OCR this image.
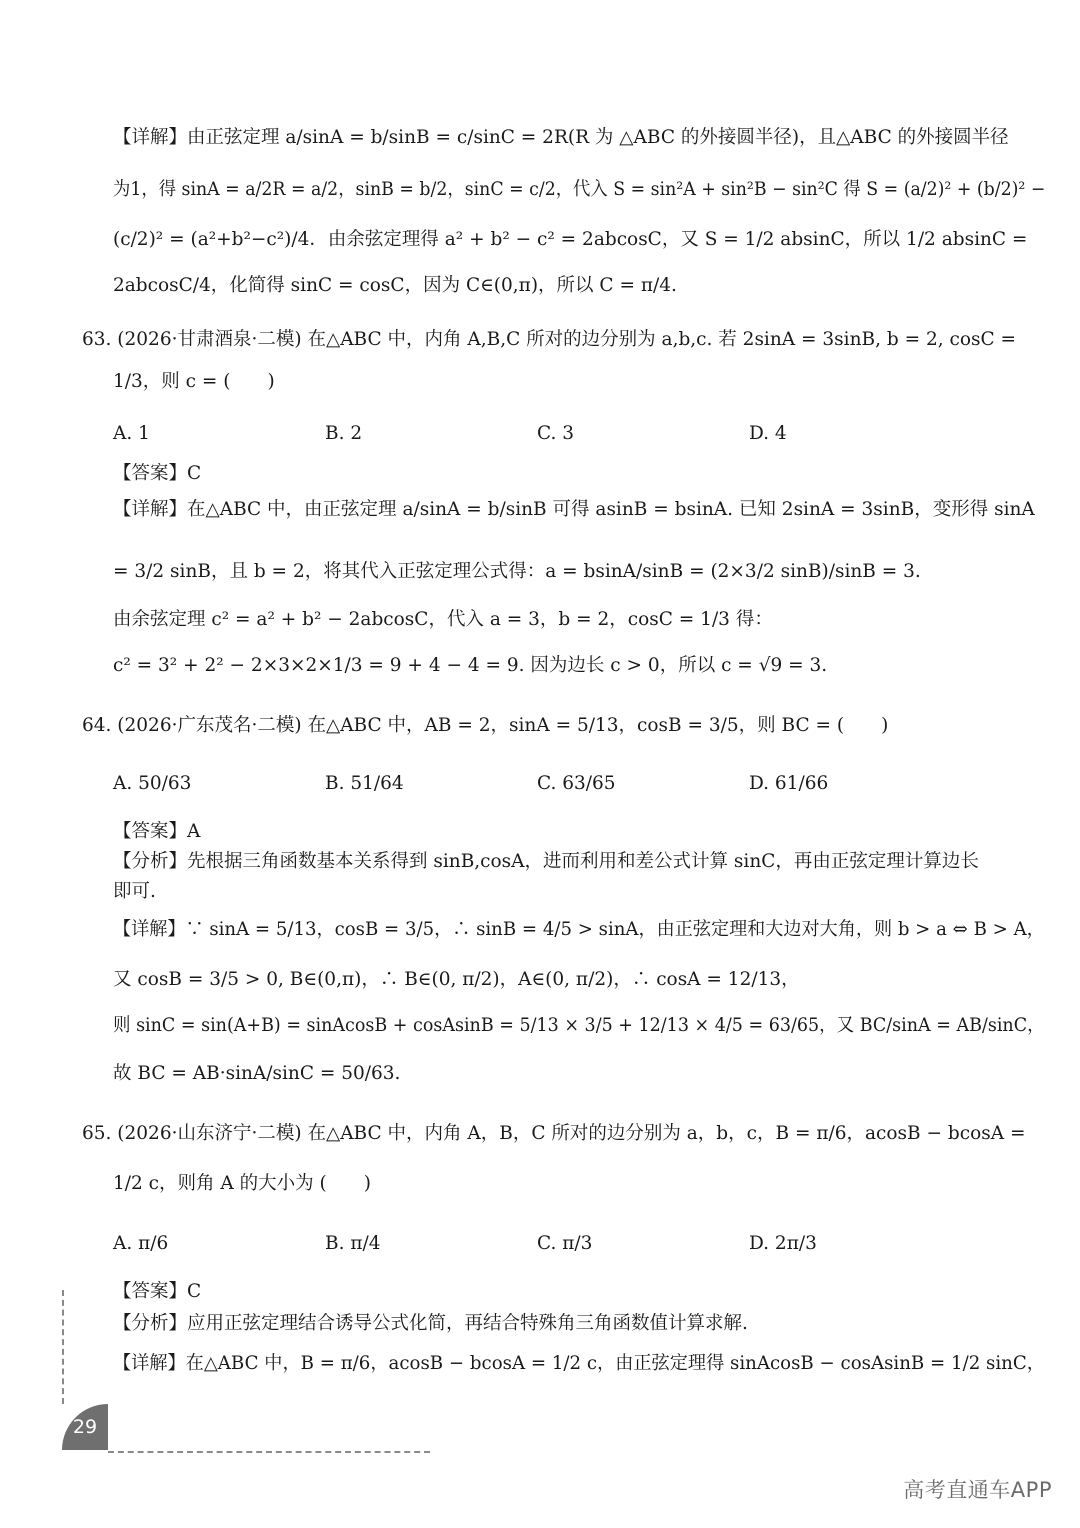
【详解】由正弦定理 a/sinA = b/sinB = c/sinC = 2R(R 为 △ABC 的外接圆半径)，且△ABC 的外接圆半径
为1，得 sinA = a/2R = a/2，sinB = b/2，sinC = c/2，代入 S = sin²A + sin²B − sin²C 得 S = (a/2)² + (b/2)² −
(c/2)² = (a²+b²−c²)/4．由余弦定理得 a² + b² − c² = 2abcosC，又 S = 1/2 absinC，所以 1/2 absinC =
2abcosC/4，化简得 sinC = cosC，因为 C∈(0,π)，所以 C = π/4.
63. (2026·甘肃酒泉·二模) 在△ABC 中，内角 A,B,C 所对的边分别为 a,b,c. 若 2sinA = 3sinB, b = 2, cosC =
1/3，则 c = (　　)
A. 1	B. 2	C. 3	D. 4
【答案】C
【详解】在△ABC 中，由正弦定理 a/sinA = b/sinB 可得 asinB = bsinA. 已知 2sinA = 3sinB，变形得 sinA
= 3/2 sinB，且 b = 2，将其代入正弦定理公式得：a = bsinA/sinB = (2×3/2 sinB)/sinB = 3.
由余弦定理 c² = a² + b² − 2abcosC，代入 a = 3，b = 2，cosC = 1/3 得：
c² = 3² + 2² − 2×3×2×1/3 = 9 + 4 − 4 = 9. 因为边长 c > 0，所以 c = √9 = 3.
64. (2026·广东茂名·二模) 在△ABC 中，AB = 2，sinA = 5/13，cosB = 3/5，则 BC = (　　)
A. 50/63	B. 51/64	C. 63/65	D. 61/66
【答案】A
【分析】先根据三角函数基本关系得到 sinB,cosA，进而利用和差公式计算 sinC，再由正弦定理计算边长
即可.
【详解】∵ sinA = 5/13，cosB = 3/5，∴ sinB = 4/5 > sinA，由正弦定理和大边对大角，则 b > a ⇔ B > A，
又 cosB = 3/5 > 0, B∈(0,π)，∴ B∈(0, π/2)，A∈(0, π/2)，∴ cosA = 12/13，
则 sinC = sin(A+B) = sinAcosB + cosAsinB = 5/13 × 3/5 + 12/13 × 4/5 = 63/65，又 BC/sinA = AB/sinC，
故 BC = AB·sinA/sinC = 50/63.
65. (2026·山东济宁·二模) 在△ABC 中，内角 A，B，C 所对的边分别为 a，b，c，B = π/6，acosB − bcosA =
1/2 c，则角 A 的大小为 (　　)
A. π/6	B. π/4	C. π/3	D. 2π/3
【答案】C
【分析】应用正弦定理结合诱导公式化简，再结合特殊角三角函数值计算求解.
【详解】在△ABC 中，B = π/6，acosB − bcosA = 1/2 c，由正弦定理得 sinAcosB − cosAsinB = 1/2 sinC，
29
高考直通车APP
